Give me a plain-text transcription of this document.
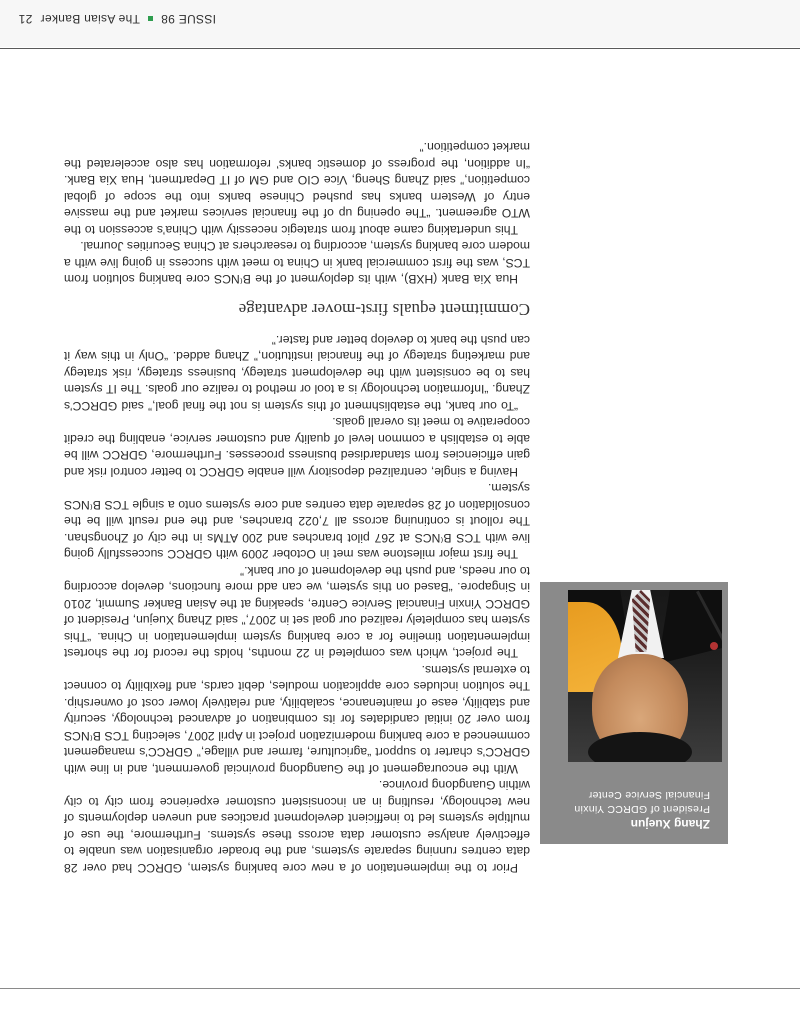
Zhang Xuejun
President of GDRCC Yinxin
Financial Service Center

Prior to the implementation of a new core banking system, GDRCC had over 28 data centres running separate systems, and the broader organisation was unable to effectively analyse customer data across these systems. Furthermore, the use of multiple systems led to inefficient development practices and uneven deployments of new technology, resulting in an inconsistent customer experience from city to city within Guangdong province.

With the encouragement of the Guangdong provincial government, and in line with GDRCC’s charter to support “agriculture, farmer and village,” GDRCC’s management commenced a core banking modernization project in April 2007, selecting TCS B⁽NCS from over 20 initial candidates for its combination of advanced technology, security and stability, ease of maintenance, scalability, and relatively lower cost of ownership. The solution includes core application modules, debit cards, and flexibility to connect to external systems.

The project, which was completed in 22 months, holds the record for the shortest implementation timeline for a core banking system implementation in China. “This system has completely realized our goal set in 2007,” said Zhang Xuejun, President of GDRCC Yinxin Financial Service Centre, speaking at the Asian Banker Summit, 2010 in Singapore. “Based on this system, we can add more functions, develop according to our needs, and push the development of our bank.”

The first major milestone was met in October 2009 with GDRCC successfully going live with TCS B⁽NCS at 267 pilot branches and 200 ATMs in the city of Zhongshan. The rollout is continuing across all 7,022 branches, and the end result will be the consolidation of 28 separate data centres and core systems onto a single TCS B⁽NCS system.

Having a single, centralized depository will enable GDRCC to better control risk and gain efficiencies from standardised business processes. Furthermore, GDRCC will be able to establish a common level of quality and customer service, enabling the credit cooperative to meet its overall goals.

“To our bank, the establishment of this system is not the final goal,” said GDRCC’s Zhang. “Information technology is a tool or method to realize our goals. The IT system has to be consistent with the development strategy, business strategy, risk strategy and marketing strategy of the financial institution,” Zhang added. “Only in this way it can push the bank to develop better and faster.”

Commitment equals first-mover advantage

Hua Xia Bank (HXB), with its deployment of the B⁽NCS core banking solution from TCS, was the first commercial bank in China to meet with success in going live with a modern core banking system, according to researchers at China Securities Journal.

This undertaking came about from strategic necessity with China’s accession to the WTO agreement. “The opening up of the financial services market and the massive entry of Western banks has pushed Chinese banks into the scope of global competition,” said Zhang Sheng, Vice CIO and GM of IT Department, Hua Xia Bank. “In addition, the progress of domestic banks’ reformation has also accelerated the market competition.”

ISSUE 98
The Asian Banker
21
